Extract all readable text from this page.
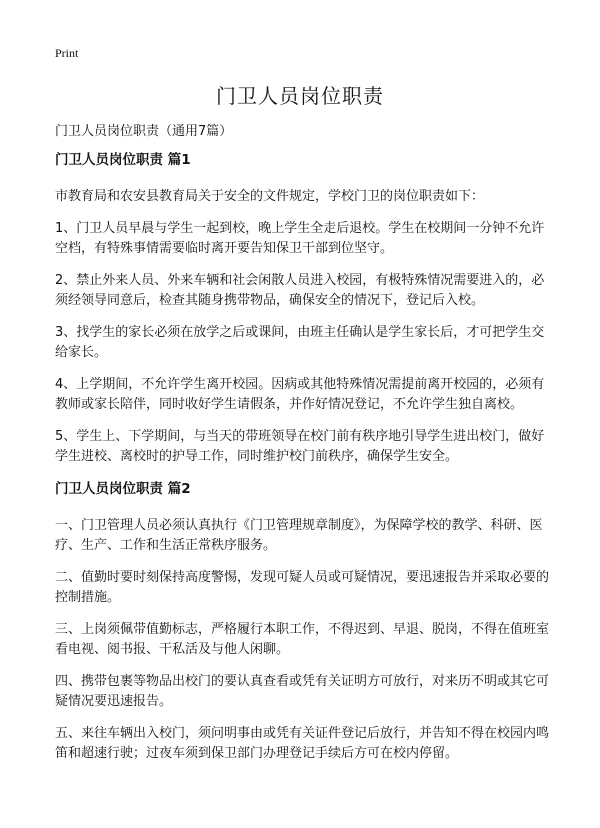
Print
门卫人员岗位职责
门卫人员岗位职责（通用7篇）
门卫人员岗位职责 篇1

市教育局和农安县教育局关于安全的文件规定，学校门卫的岗位职责如下：

1、门卫人员早晨与学生一起到校，晚上学生全走后退校。学生在校期间一分钟不允许空档，有特殊事情需要临时离开要告知保卫干部到位坚守。

2、禁止外来人员、外来车辆和社会闲散人员进入校园，有极特殊情况需要进入的，必须经领导同意后，检查其随身携带物品，确保安全的情况下，登记后入校。

3、找学生的家长必须在放学之后或课间，由班主任确认是学生家长后，才可把学生交给家长。

4、上学期间，不允许学生离开校园。因病或其他特殊情况需提前离开校园的，必须有教师或家长陪伴，同时收好学生请假条，并作好情况登记，不允许学生独自离校。

5、学生上、下学期间，与当天的带班领导在校门前有秩序地引导学生进出校门，做好学生进校、离校时的护导工作，同时维护校门前秩序，确保学生安全。

门卫人员岗位职责 篇2

一、门卫管理人员必须认真执行《门卫管理规章制度》，为保障学校的教学、科研、医疗、生产、工作和生活正常秩序服务。

二、值勤时要时刻保持高度警惕，发现可疑人员或可疑情况，要迅速报告并采取必要的控制措施。

三、上岗须佩带值勤标志，严格履行本职工作，不得迟到、早退、脱岗，不得在值班室看电视、阅书报、干私活及与他人闲聊。

四、携带包裹等物品出校门的要认真查看或凭有关证明方可放行，对来历不明或其它可疑情况要迅速报告。

五、来往车辆出入校门，须问明事由或凭有关证件登记后放行，并告知不得在校园内鸣笛和超速行驶；过夜车须到保卫部门办理登记手续后方可在校内停留。
